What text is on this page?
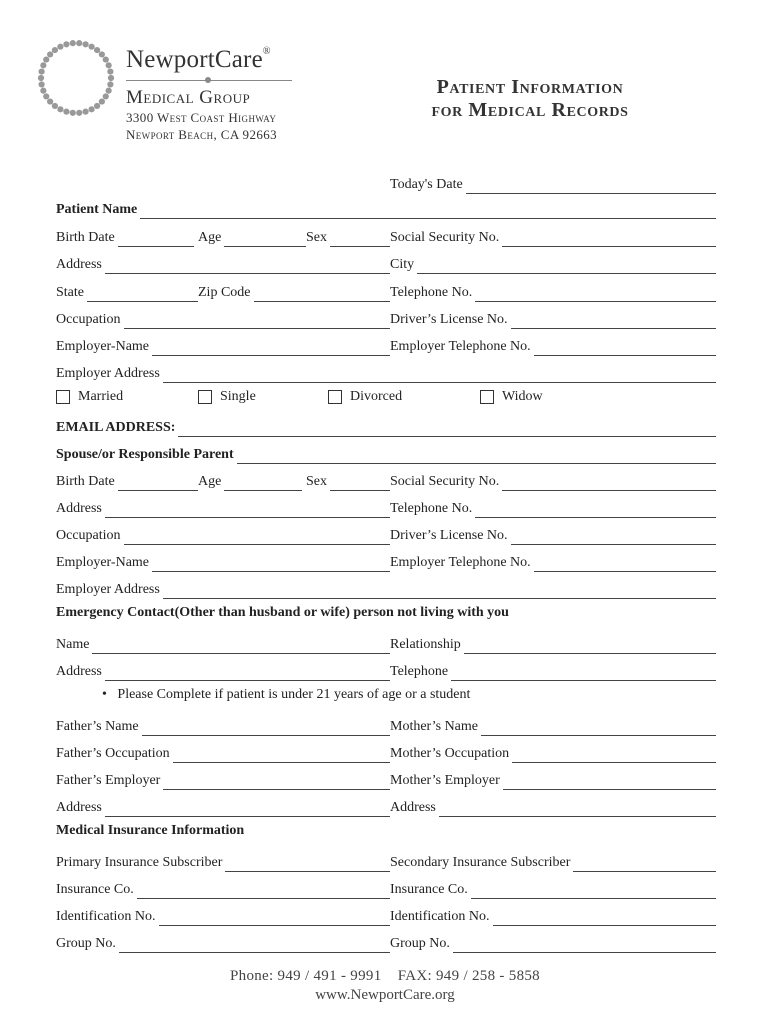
NewportCare®
Medical Group
3300 West Coast Highway
Newport Beach, CA 92663
Patient Information
for Medical Records
Today's Date
Patient Name
Birth Date	Age	Sex	Social Security No.
Address	City
State	Zip Code	Telephone No.
Occupation	Driver’s License No.
Employer-Name	Employer Telephone No.
Employer Address
Married	Single	Divorced	Widow
EMAIL ADDRESS:
Spouse/or Responsible Parent
Birth Date	Age	Sex	Social Security No.
Address	Telephone No.
Occupation	Driver’s License No.
Employer-Name	Employer Telephone No.
Employer Address
Emergency Contact(Other than husband or wife) person not living with you
Name	Relationship
Address	Telephone
•   Please Complete if patient is under 21 years of age or a student
Father’s Name	Mother’s Name
Father’s Occupation	Mother’s Occupation
Father’s Employer	Mother’s Employer
Address	Address
Medical Insurance Information
Primary Insurance Subscriber	Secondary Insurance Subscriber
Insurance Co.	Insurance Co.
Identification No.	Identification No.
Group No.	Group No.
Phone: 949 / 491 - 9991    FAX: 949 / 258 - 5858
www.NewportCare.org
